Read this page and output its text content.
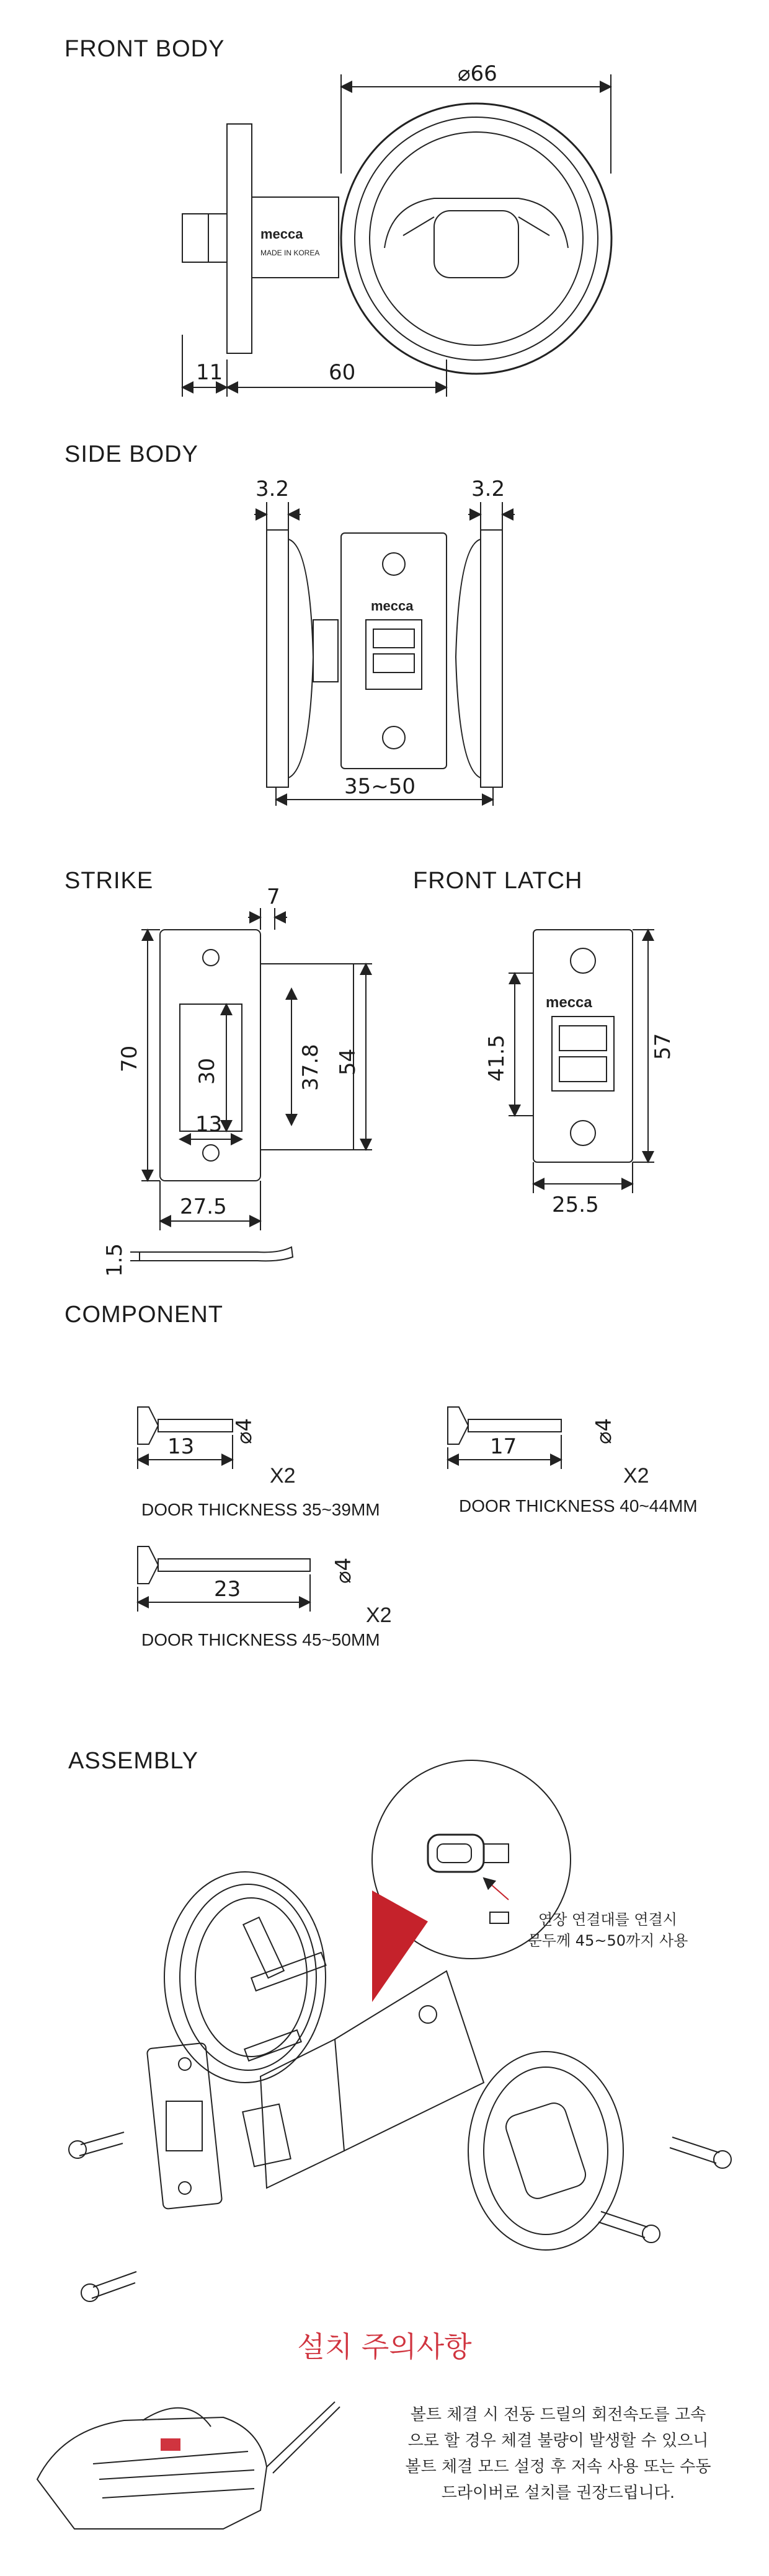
FRONT BODY
SIDE BODY
STRIKE	FRONT LATCH
COMPONENT
ASSEMBLY
⌀66
11	60
mecca
MADE IN KOREA
3.2	3.2
35~50
mecca
7
70	30
13
37.8 54
27.5
1.5
41.5	57
25.5
mecca
13
⌀4
17
⌀4
23
⌀4
X2	X2
X2
DOOR THICKNESS 35~39MM	DOOR THICKNESS 40~44MM
DOOR THICKNESS 45~50MM
연장 연결대를 연결시
문두께 45~50까지 사용
설치 주의사항
볼트 체결 시 전동 드릴의 회전속도를 고속
으로 할 경우 체결 불량이 발생할 수 있으니
볼트 체결 모드 설정 후 저속 사용 또는 수동
드라이버로 설치를 권장드립니다.
